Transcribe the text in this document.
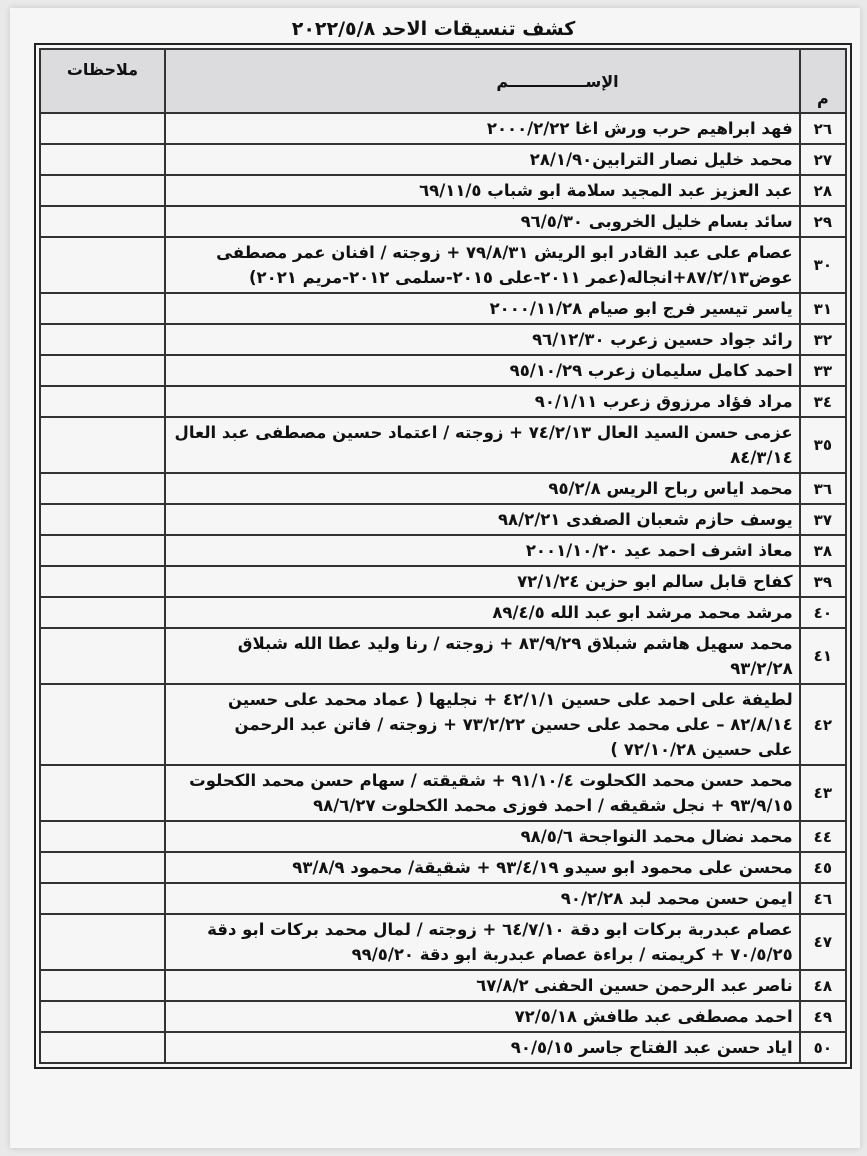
كشف تنسيقات الاحد ٢٠٢٢/٥/٨
م	الإســــــــــــــم	ملاحظات
٢٦	فهد ابراهيم حرب ورش اغا ٢٠٠٠/٢/٢٢	

٢٧	محمد خليل نصار الترابين٢٨/١/٩٠	

٢٨	عبد العزيز عبد المجيد سلامة ابو شباب ٦٩/١١/٥	

٢٩	سائد بسام خليل الخروبى ٩٦/٥/٣٠	

٣٠	عصام على عبد القادر ابو الريش ٧٩/٨/٣١ + زوجته / افنان عمر مصطفى
عوض٨٧/٢/١٣+انجاله(عمر ٢٠١١-على ٢٠١٥-سلمى ٢٠١٢-مريم ٢٠٢١)	

٣١	ياسر تيسير فرج ابو صيام ٢٠٠٠/١١/٢٨	

٣٢	رائد جواد حسين زعرب ٩٦/١٢/٣٠	

٣٣	احمد كامل سليمان زعرب ٩٥/١٠/٢٩	

٣٤	مراد فؤاد مرزوق زعرب ٩٠/١/١١	

٣٥	عزمى حسن السيد العال ٧٤/٢/١٣ + زوجته / اعتماد حسين مصطفى عبد العال
٨٤/٣/١٤	

٣٦	محمد اياس رباح الريس ٩٥/٢/٨	

٣٧	يوسف حازم شعبان الصفدى ٩٨/٢/٢١	

٣٨	معاذ اشرف احمد عيد ٢٠٠١/١٠/٢٠	

٣٩	كفاح قابل سالم ابو حزين ٧٢/١/٢٤	

٤٠	مرشد محمد مرشد ابو عبد الله ٨٩/٤/٥	

٤١	محمد سهيل هاشم شبلاق ٨٣/٩/٢٩ + زوجته / رنا وليد عطا الله شبلاق
٩٣/٢/٢٨	

٤٢	لطيفة على احمد على حسين ٤٢/١/١ + نجليها ( عماد محمد على حسين
٨٢/٨/١٤ – على محمد على حسين ٧٣/٢/٢٢ + زوجته / فاتن عبد الرحمن
على حسين ٧٢/١٠/٢٨ )	

٤٣	محمد حسن محمد الكحلوت ٩١/١٠/٤ + شقيقته / سهام حسن محمد الكحلوت
٩٣/٩/١٥ + نجل شقيقه / احمد فوزى محمد الكحلوت ٩٨/٦/٢٧	

٤٤	محمد نضال محمد النواجحة ٩٨/٥/٦	

٤٥	محسن على محمود ابو سيدو ٩٣/٤/١٩ + شقيقة/ محمود ٩٣/٨/٩	

٤٦	ايمن حسن محمد لبد ٩٠/٢/٢٨	

٤٧	عصام عبدربة بركات ابو دقة ٦٤/٧/١٠ + زوجته / لمال محمد بركات ابو دقة
٧٠/٥/٢٥ + كريمته / براءة عصام عبدربة ابو دقة ٩٩/٥/٢٠	

٤٨	ناصر عبد الرحمن حسين الحفنى ٦٧/٨/٢	

٤٩	احمد مصطفى عبد طافش ٧٢/٥/١٨	

٥٠	اياد حسن عبد الفتاح جاسر ٩٠/٥/١٥	
